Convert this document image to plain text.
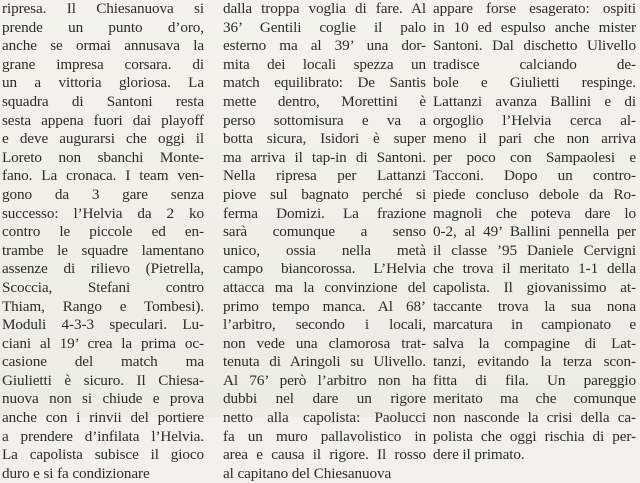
ripresa. Il Chiesanuova si
prende un punto d’oro,
anche se ormai annusava la
grane impresa corsara. di
un a vittoria gloriosa. La
squadra di Santoni resta
sesta appena fuori dai playoff
e deve augurarsi che oggi il
Loreto non sbanchi Monte-
fano. La cronaca. I team ven-
gono da 3 gare senza
successo: l’Helvia da 2 ko
contro le piccole ed en-
trambe le squadre lamentano
assenze di rilievo (Pietrella,
Scoccia, Stefani contro
Thiam, Rango e Tombesi).
Moduli 4-3-3 speculari. Lu-
ciani al 19’ crea la prima oc-
casione del match ma
Giulietti è sicuro. Il Chiesa-
nuova non si chiude e prova
anche con i rinvii del portiere
a prendere d’infilata l’Helvia.
La capolista subisce il gioco
duro e si fa condizionare
dalla troppa voglia di fare. Al
36’ Gentili coglie il palo
esterno ma al 39’ una dor-
mita dei locali spezza un
match equilibrato: De Santis
mette dentro, Morettini è
perso sottomisura e va a
botta sicura, Isidori è super
ma arriva il tap-in di Santoni.
Nella ripresa per Lattanzi
piove sul bagnato perché si
ferma Domizi. La frazione
sarà comunque a senso
unico, ossia nella metà
campo biancorossa. L’Helvia
attacca ma la convinzione del
primo tempo manca. Al 68’
l’arbitro, secondo i locali,
non vede una clamorosa trat-
tenuta di Aringoli su Ulivello.
Al 76’ però l’arbitro non ha
dubbi nel dare un rigore
netto alla capolista: Paolucci
fa un muro pallavolistico in
area e causa il rigore. Il rosso
al capitano del Chiesanuova
appare forse esagerato: ospiti
in 10 ed espulso anche mister
Santoni. Dal dischetto Ulivello
tradisce calciando de-
bole e Giulietti respinge.
Lattanzi avanza Ballini e di
orgoglio l’Helvia cerca al-
meno il pari che non arriva
per poco con Sampaolesi e
Tacconi. Dopo un contro-
piede concluso debole da Ro-
magnoli che poteva dare lo
0-2, al 49’ Ballini pennella per
il classe ’95 Daniele Cervigni
che trova il meritato 1-1 della
capolista. Il giovanissimo at-
taccante trova la sua nona
marcatura in campionato e
salva la compagine di Lat-
tanzi, evitando la terza scon-
fitta di fila. Un pareggio
meritato ma che comunque
non nasconde la crisi della ca-
polista che oggi rischia di per-
dere il primato.
